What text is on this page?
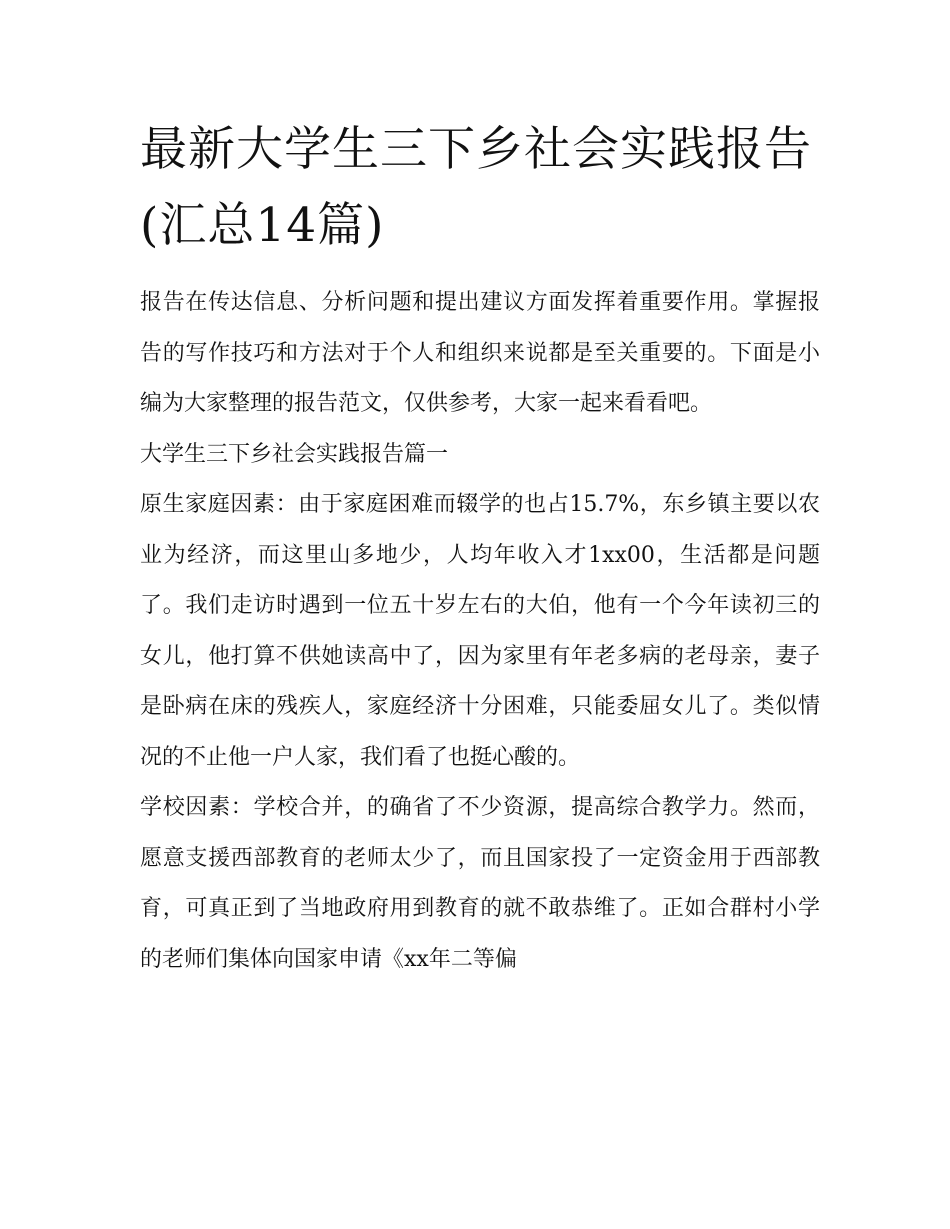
最新大学生三下乡社会实践报告(汇总14篇)

报告在传达信息、分析问题和提出建议方面发挥着重要作用。掌握报告的写作技巧和方法对于个人和组织来说都是至关重要的。下面是小编为大家整理的报告范文，仅供参考，大家一起来看看吧。

大学生三下乡社会实践报告篇一

原生家庭因素：由于家庭困难而辍学的也占15.7%，东乡镇主要以农业为经济，而这里山多地少，人均年收入才1xx00，生活都是问题了。我们走访时遇到一位五十岁左右的大伯，他有一个今年读初三的女儿，他打算不供她读高中了，因为家里有年老多病的老母亲，妻子是卧病在床的残疾人，家庭经济十分困难，只能委屈女儿了。类似情况的不止他一户人家，我们看了也挺心酸的。

学校因素：学校合并，的确省了不少资源，提高综合教学力。然而，愿意支援西部教育的老师太少了，而且国家投了一定资金用于西部教育，可真正到了当地政府用到教育的就不敢恭维了。正如合群村小学的老师们集体向国家申请《xx年二等偏
